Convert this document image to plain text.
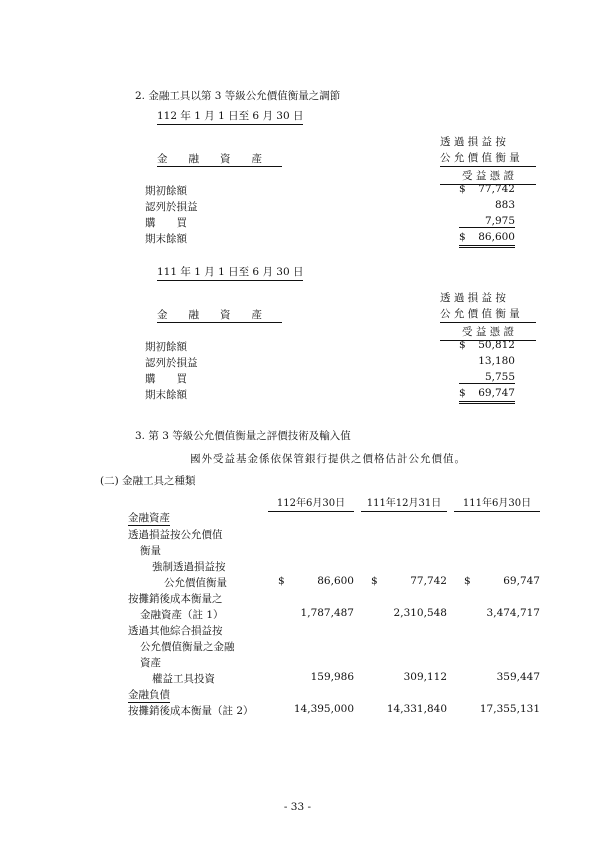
2. 金融工具以第 3 等級公允價值衡量之調節
112 年 1 月 1 日至 6 月 30 日
透 過 損 益 按
公 允 價 值 衡 量
受 益 憑 證
金　　融　　資　　產
期初餘額	$	77,742
認列於損益	883
購　　買	7,975
期末餘額	$	86,600
111 年 1 月 1 日至 6 月 30 日
透 過 損 益 按
公 允 價 值 衡 量
受 益 憑 證
金　　融　　資　　產
期初餘額	$	50,812
認列於損益	13,180
購　　買	5,755
期末餘額	$	69,747
3. 第 3 等級公允價值衡量之評價技術及輸入值
國外受益基金係依保管銀行提供之價格估計公允價值。
(二) 金融工具之種類
112年6月30日	111年12月31日	111年6月30日
金融資產
透過損益按公允價值
衡量
強制透過損益按
公允價值衡量	$	86,600 $	77,742 $	69,747
按攤銷後成本衡量之
金融資產（註 1）	1,787,487	2,310,548	3,474,717
透過其他綜合損益按
公允價值衡量之金融
資產
權益工具投資	159,986	309,112	359,447
金融負債
按攤銷後成本衡量（註 2）	14,395,000	14,331,840	17,355,131
- 33 -
